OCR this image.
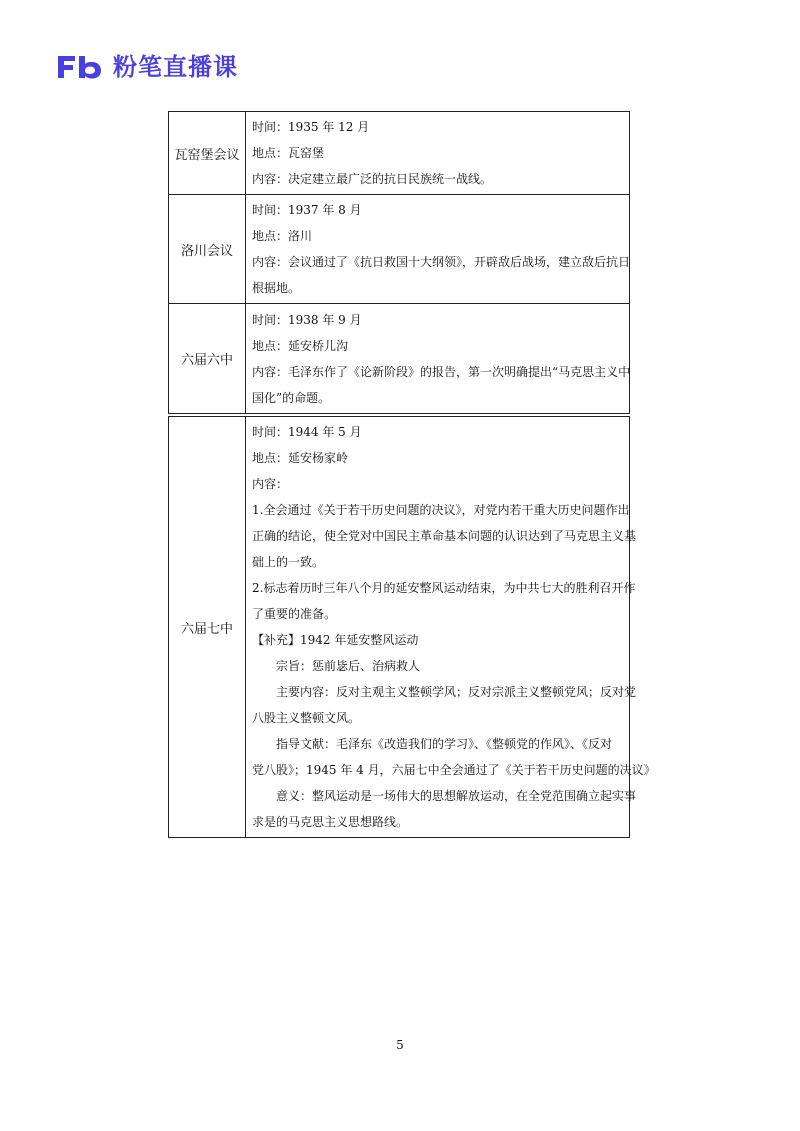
粉笔直播课
瓦窑堡会议	时间：1935 年 12 月
地点：瓦窑堡
内容：决定建立最广泛的抗日民族统一战线。

洛川会议	时间：1937 年 8 月
地点：洛川
内容：会议通过了《抗日救国十大纲领》，开辟敌后战场，建立敌后抗日
根据地。

六届六中	时间：1938 年 9 月
地点：延安桥儿沟
内容：毛泽东作了《论新阶段》的报告，第一次明确提出“马克思主义中
国化”的命题。
六届七中	
时间：1944 年 5 月
地点：延安杨家岭
内容：
1.全会通过《关于若干历史问题的决议》，对党内若干重大历史问题作出
正确的结论，使全党对中国民主革命基本问题的认识达到了马克思主义基
础上的一致。
2.标志着历时三年八个月的延安整风运动结束，为中共七大的胜利召开作
了重要的准备。
【补充】1942 年延安整风运动
宗旨：惩前毖后、治病救人
主要内容：反对主观主义整顿学风；反对宗派主义整顿党风；反对党
八股主义整顿文风。
指导文献：毛泽东《改造我们的学习》、《整顿党的作风》、《反对
党八股》；1945 年 4 月，六届七中全会通过了《关于若干历史问题的决议》
意义：整风运动是一场伟大的思想解放运动，在全党范围确立起实事
求是的马克思主义思想路线。
5
